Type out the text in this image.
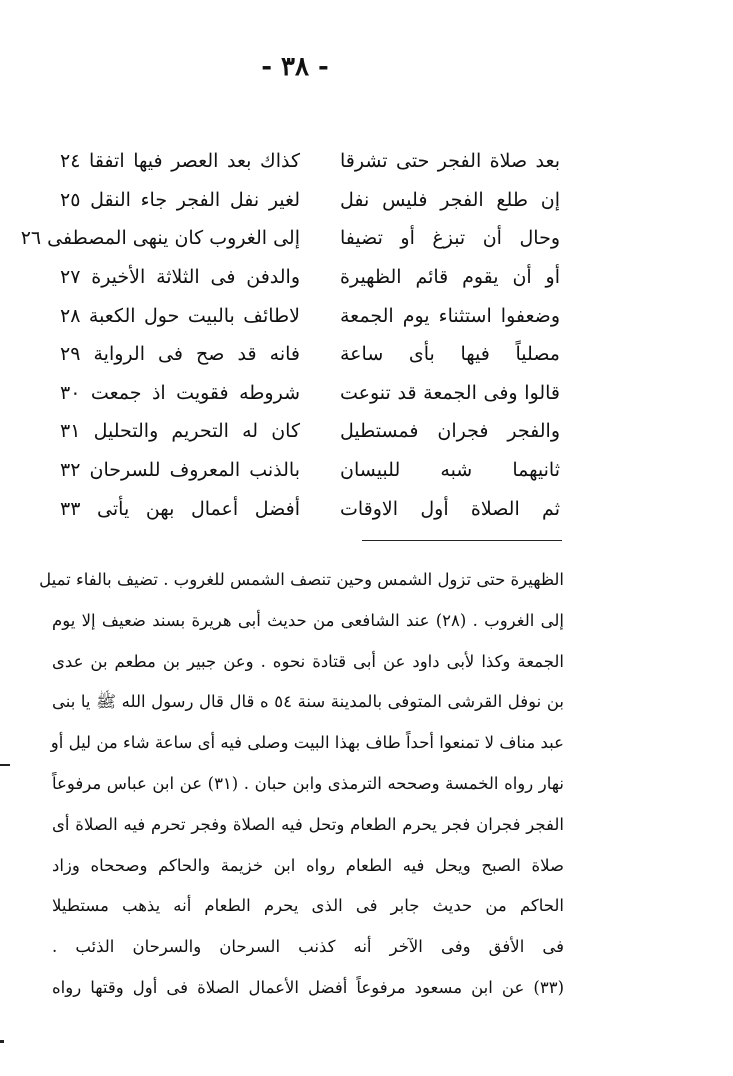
- ٣٨ -
بعد صلاة الفجر حتى تشرقا
كذاك بعد العصر فيها اتفقا ٢٤
إن طلع الفجر فليس نفل
لغير نفل الفجر جاء النقل ٢٥
وحال أن تبزغ أو تضيفا
إلى الغروب كان ينهى المصطفى ٢٦
أو أن يقوم قائم الظهيرة
والدفن فى الثلاثة الأخيرة ٢٧
وضعفوا استثناء يوم الجمعة
لاطائف بالبيت حول الكعبة ٢٨
مصلياً فيها بأى ساعة
فانه قد صح فى الرواية ٢٩
قالوا وفى الجمعة قد تنوعت
شروطه فقويت اذ جمعت ٣٠
والفجر فجران فمستطيل
كان له التحريم والتحليل ٣١
ثانيهما شبه للبيسان
بالذنب المعروف للسرحان ٣٢
ثم الصلاة أول الاوقات
أفضل أعمال بهن يأتى ٣٣
الظهيرة حتى تزول الشمس وحين تنصف الشمس للغروب . تضيف بالفاء تميل
إلى الغروب . (٢٨) عند الشافعى من حديث أبى هريرة بسند ضعيف إلا يوم
الجمعة وكذا لأبى داود عن أبى قتادة نحوه . وعن جبير بن مطعم بن عدى
بن نوفل القرشى المتوفى بالمدينة سنة ٥٤ ه قال قال رسول الله ﷺ يا بنى
عبد مناف لا تمنعوا أحداً طاف بهذا البيت وصلى فيه أى ساعة شاء من ليل أو
نهار رواه الخمسة وصححه الترمذى وابن حبان . (٣١) عن ابن عباس مرفوعاً
الفجر فجران فجر يحرم الطعام وتحل فيه الصلاة وفجر تحرم فيه الصلاة أى
صلاة الصبح ويحل فيه الطعام رواه ابن خزيمة والحاكم وصححاه وزاد
الحاكم من حديث جابر فى الذى يحرم الطعام أنه يذهب مستطيلا
فى الأفق وفى الآخر أنه كذنب السرحان والسرحان الذئب .
(٣٣) عن ابن مسعود مرفوعاً أفضل الأعمال الصلاة فى أول وقتها رواه
